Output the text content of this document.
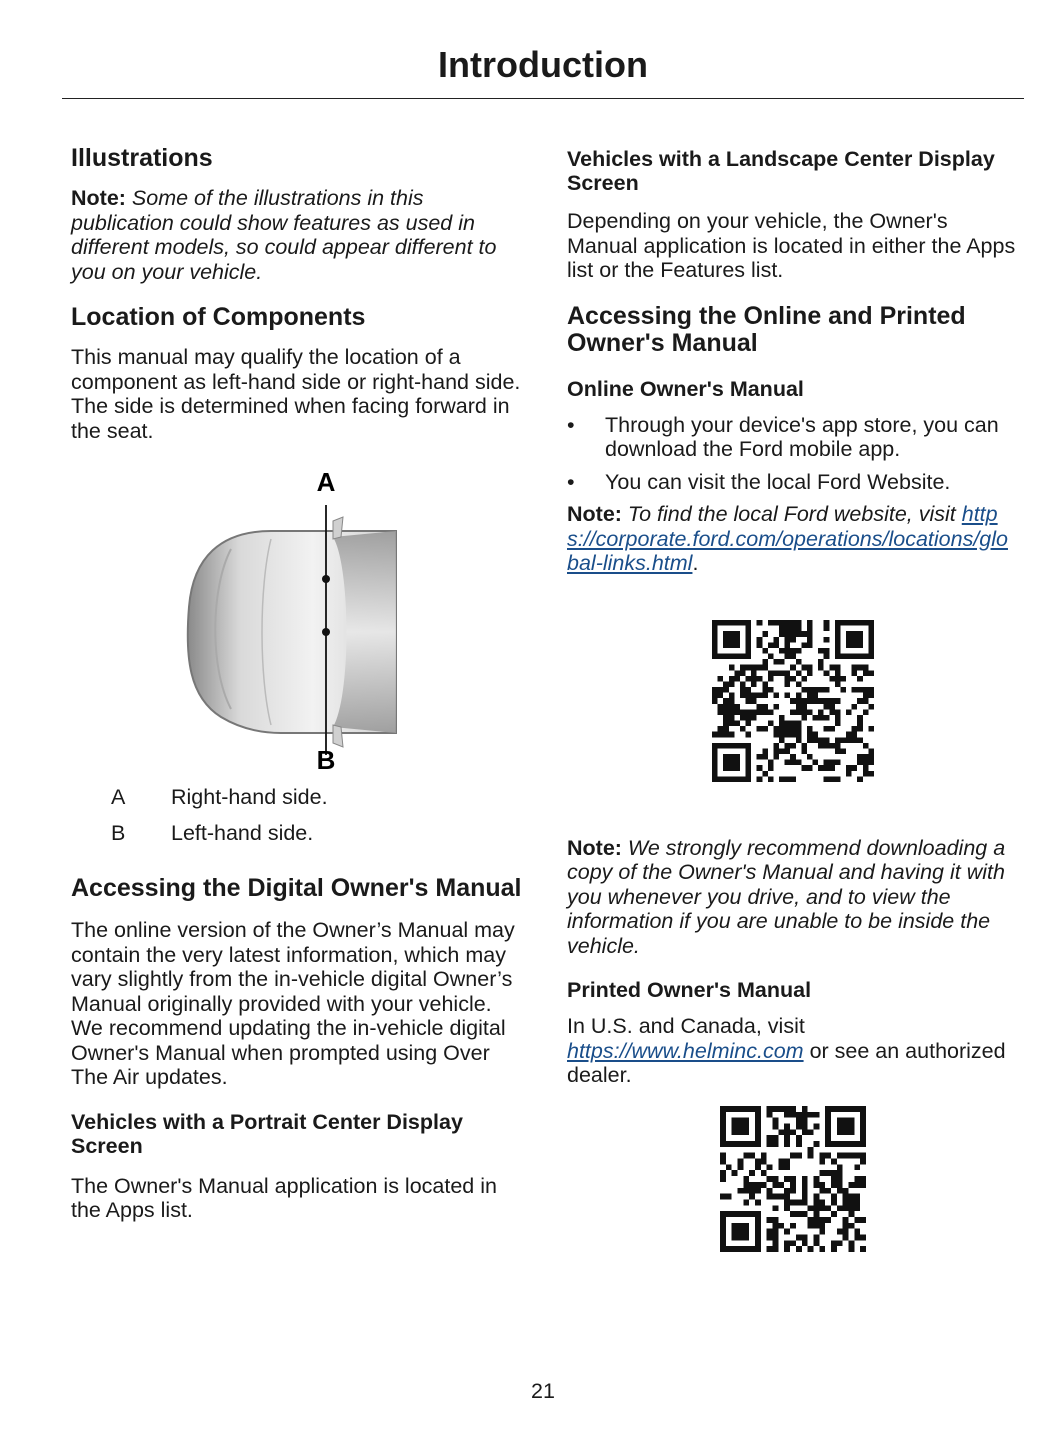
Introduction
Illustrations

Note: Some of the illustrations in this publication could show features as used in different models, so could appear different to you on your vehicle.

Location of Components

This manual may qualify the location of a component as left-hand side or right-hand side. The side is determined when facing forward in the seat.

A
B
A	Right-hand side.
B	Left-hand side.
Accessing the Digital Owner's Manual

The online version of the Owner’s Manual may contain the very latest information, which may vary slightly from the in-vehicle digital Owner’s Manual originally provided with your vehicle. We recommend updating the in-vehicle digital Owner's Manual when prompted using Over The Air updates.

Vehicles with a Portrait Center Display Screen

The Owner's Manual application is located in the Apps list.

Vehicles with a Landscape Center Display Screen

Depending on your vehicle, the Owner's Manual application is located in either the Apps list or the Features list.

Accessing the Online and Printed Owner's Manual
Online Owner's Manual
• Through your device's app store, you can download the Ford mobile app.
• You can visit the local Ford Website.

Note: To find the local Ford website, visit https://corporate.ford.com/operations/locations/global-links.html.

Note: We strongly recommend downloading a copy of the Owner's Manual and having it with you whenever you drive, and to view the information if you are unable to be inside the vehicle.

Printed Owner's Manual

In U.S. and Canada, visit https://www.helminc.com or see an authorized dealer.

21
